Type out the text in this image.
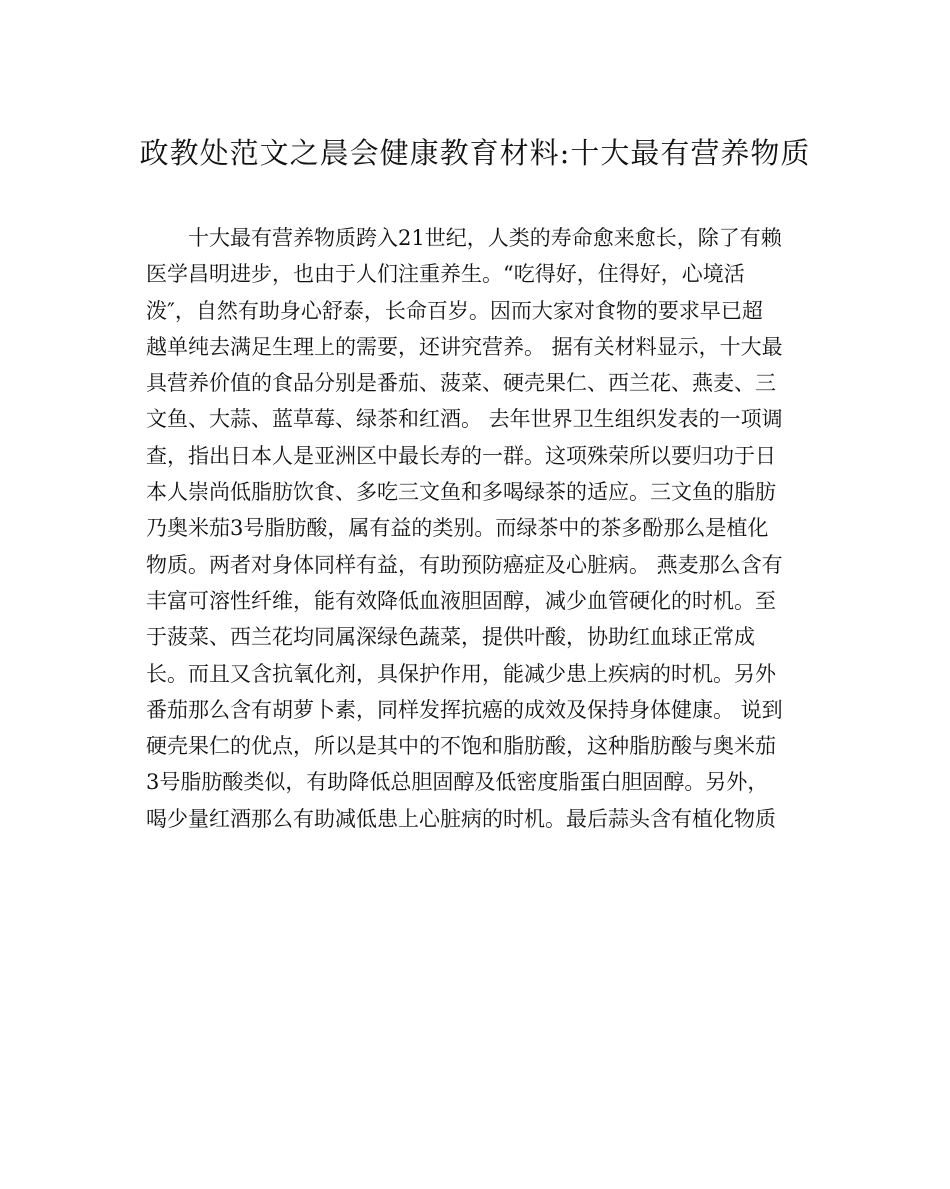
政教处范文之晨会健康教育材料:十大最有营养物质
十大最有营养物质跨入21世纪，人类的寿命愈来愈长，除了有赖
医学昌明进步，也由于人们注重养生。“吃得好，住得好，心境活
泼″，自然有助身心舒泰，长命百岁。因而大家对食物的要求早已超
越单纯去满足生理上的需要，还讲究营养。 据有关材料显示，十大最
具营养价值的食品分别是番茄、菠菜、硬壳果仁、西兰花、燕麦、三
文鱼、大蒜、蓝草莓、绿茶和红酒。 去年世界卫生组织发表的一项调
查，指出日本人是亚洲区中最长寿的一群。这项殊荣所以要归功于日
本人崇尚低脂肪饮食、多吃三文鱼和多喝绿茶的适应。三文鱼的脂肪
乃奥米茄3号脂肪酸，属有益的类别。而绿茶中的茶多酚那么是植化
物质。两者对身体同样有益，有助预防癌症及心脏病。 燕麦那么含有
丰富可溶性纤维，能有效降低血液胆固醇，减少血管硬化的时机。至
于菠菜、西兰花均同属深绿色蔬菜，提供叶酸，协助红血球正常成
长。而且又含抗氧化剂，具保护作用，能减少患上疾病的时机。另外
番茄那么含有胡萝卜素，同样发挥抗癌的成效及保持身体健康。 说到
硬壳果仁的优点，所以是其中的不饱和脂肪酸，这种脂肪酸与奥米茄
3号脂肪酸类似，有助降低总胆固醇及低密度脂蛋白胆固醇。另外，
喝少量红酒那么有助减低患上心脏病的时机。最后蒜头含有植化物质
